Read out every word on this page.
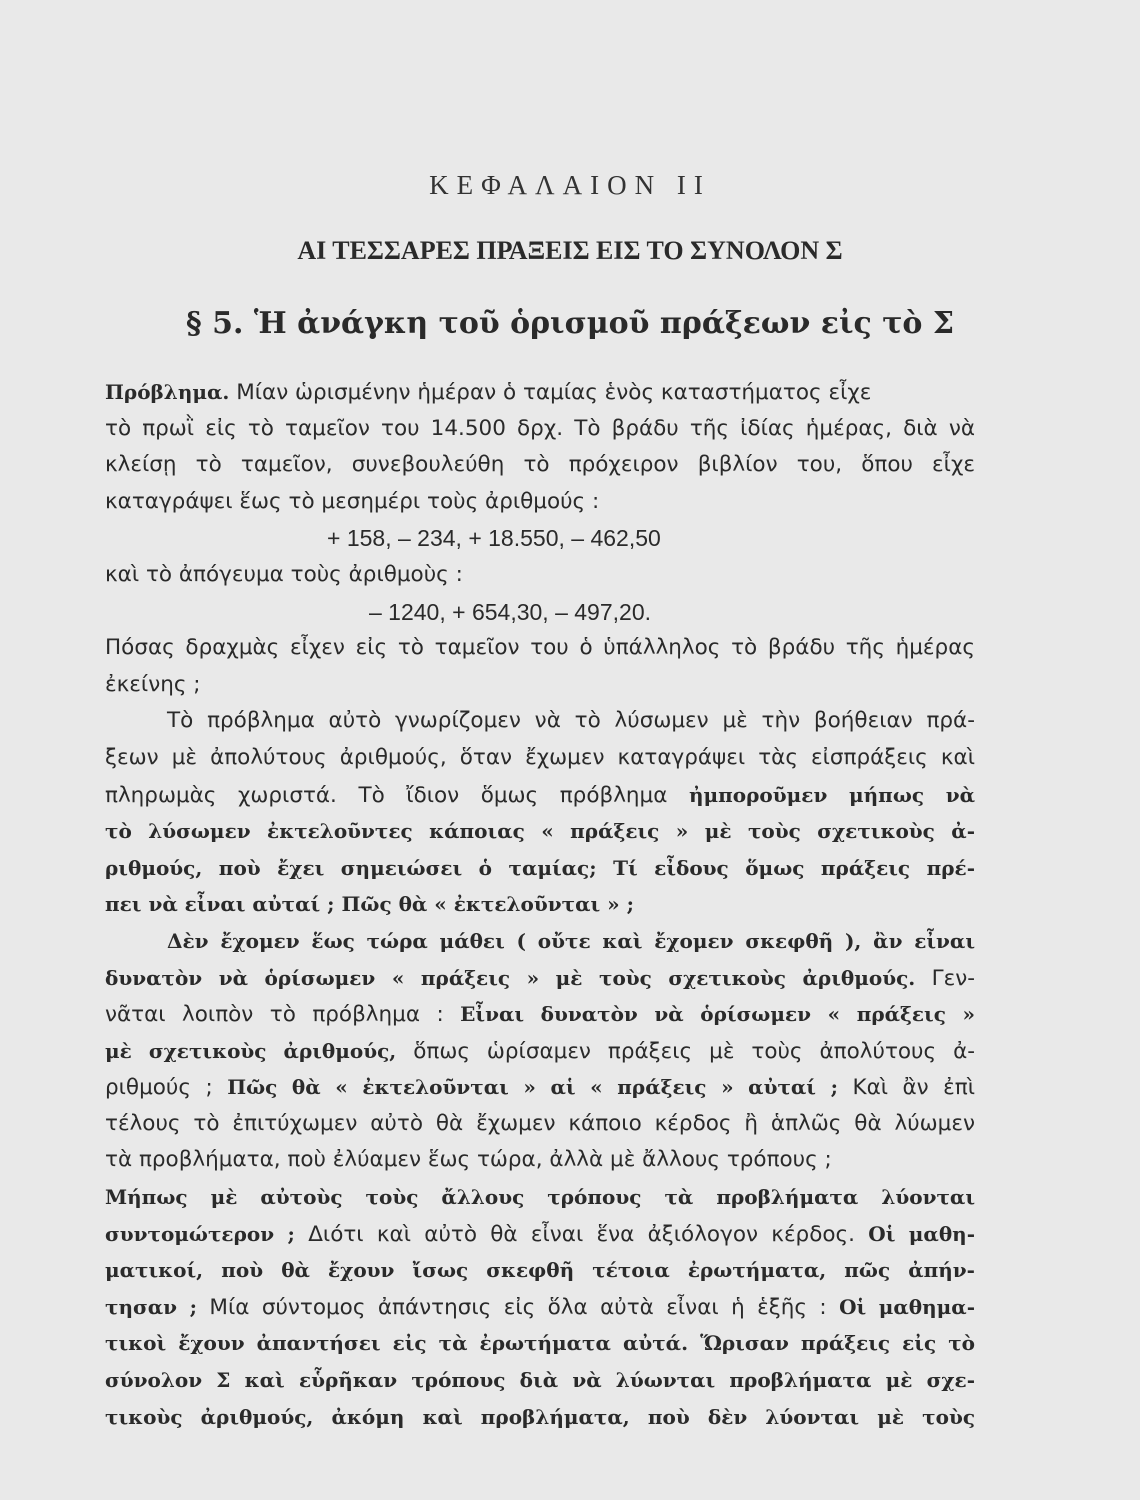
ΚΕΦΑΛΑΙΟΝ ΙΙ
ΑΙ ΤΕΣΣΑΡΕΣ ΠΡΑΞΕΙΣ ΕΙΣ ΤΟ ΣΥΝΟΛΟΝ Σ
§ 5. Ἡ ἀνάγκη τοῦ ὁρισμοῦ πράξεων εἰς τὸ Σ
Πρόβλημα. Μίαν ὡρισμένην ἡμέραν ὁ ταμίας ἑνὸς καταστήματος εἶχε
τὸ πρωῒ εἰς τὸ ταμεῖον του 14.500 δρχ. Τὸ βράδυ τῆς ἰδίας ἡμέρας, διὰ νὰ
κλείσῃ τὸ ταμεῖον, συνεβουλεύθη τὸ πρόχειρον βιβλίον του, ὅπου εἶχε
καταγράψει ἕως τὸ μεσημέρι τοὺς ἀριθμούς :
+ 158, – 234, + 18.550, – 462,50
καὶ τὸ ἀπόγευμα τοὺς ἀριθμοὺς :
– 1240, + 654,30, – 497,20.
Πόσας δραχμὰς εἶχεν εἰς τὸ ταμεῖον του ὁ ὑπάλληλος τὸ βράδυ τῆς ἡμέρας
ἐκείνης ;
Τὸ πρόβλημα αὐτὸ γνωρίζομεν νὰ τὸ λύσωμεν μὲ τὴν βοήθειαν πρά-
ξεων μὲ ἀπολύτους ἀριθμούς, ὅταν ἔχωμεν καταγράψει τὰς εἰσπράξεις καὶ
πληρωμὰς χωριστά. Τὸ ἴδιον ὅμως πρόβλημα ἠμποροῦμεν μήπως νὰ
τὸ λύσωμεν ἐκτελοῦντες κάποιας « πράξεις » μὲ τοὺς σχετικοὺς ἀ-
ριθμούς, ποὺ ἔχει σημειώσει ὁ ταμίας; Τί εἶδους ὅμως πράξεις πρέ-
πει νὰ εἶναι αὐταί ; Πῶς θὰ « ἐκτελοῦνται » ;
Δὲν ἔχομεν ἕως τώρα μάθει ( οὔτε καὶ ἔχομεν σκεφθῆ ), ἂν εἶναι
δυνατὸν νὰ ὁρίσωμεν « πράξεις » μὲ τοὺς σχετικοὺς ἀριθμούς. Γεν-
νᾶται λοιπὸν τὸ πρόβλημα : Εἶναι δυνατὸν νὰ ὁρίσωμεν « πράξεις »
μὲ σχετικοὺς ἀριθμούς, ὅπως ὡρίσαμεν πράξεις μὲ τοὺς ἀπολύτους ἀ-
ριθμούς ; Πῶς θὰ « ἐκτελοῦνται » αἱ « πράξεις » αὐταί ; Καὶ ἂν ἐπὶ
τέλους τὸ ἐπιτύχωμεν αὐτὸ θὰ ἔχωμεν κάποιο κέρδος ἢ ἁπλῶς θὰ λύωμεν
τὰ προβλήματα, ποὺ ἐλύαμεν ἕως τώρα, ἀλλὰ μὲ ἄλλους τρόπους ;
Μήπως μὲ αὐτοὺς τοὺς ἄλλους τρόπους τὰ προβλήματα λύονται
συντομώτερον ; Διότι καὶ αὐτὸ θὰ εἶναι ἕνα ἀξιόλογον κέρδος. Οἱ μαθη-
ματικοί, ποὺ θὰ ἔχουν ἴσως σκεφθῆ τέτοια ἐρωτήματα, πῶς ἀπήν-
τησαν ; Μία σύντομος ἀπάντησις εἰς ὅλα αὐτὰ εἶναι ἡ ἑξῆς : Οἱ μαθημα-
τικοὶ ἔχουν ἀπαντήσει εἰς τὰ ἐρωτήματα αὐτά. Ὥρισαν πράξεις εἰς τὸ
σύνολον Σ καὶ εὗρῆκαν τρόπους διὰ νὰ λύωνται προβλήματα μὲ σχε-
τικοὺς ἀριθμούς, ἀκόμη καὶ προβλήματα, ποὺ δὲν λύονται μὲ τοὺς
